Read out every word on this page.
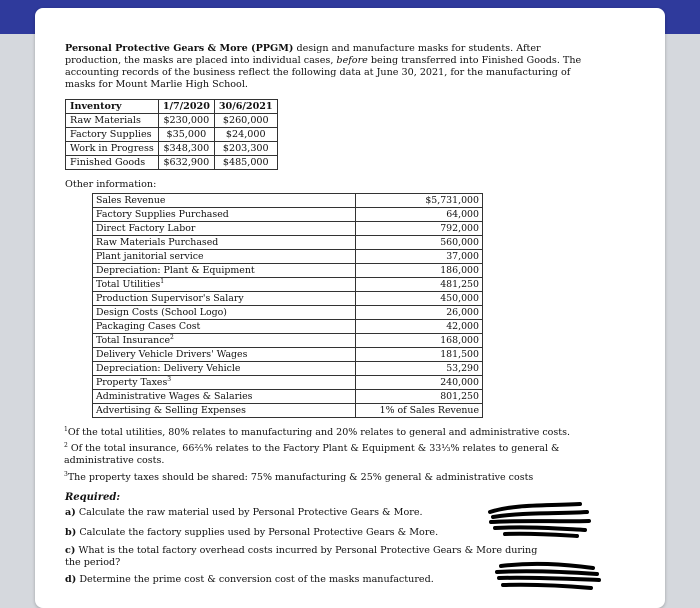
Personal Protective Gears & More (PPGM) design and manufacture masks for students. After production, the masks are placed into individual cases, before being transferred into Finished Goods. The accounting records of the business reflect the following data at June 30, 2021, for the manufacturing of masks for Mount Marlie High School.

Inventory	1/7/2020	30/6/2021
Raw Materials	$230,000	$260,000
Factory Supplies	$35,000	$24,000
Work in Progress	$348,300	$203,300
Finished Goods	$632,900	$485,000
Other information:
Sales Revenue	$5,731,000
Factory Supplies Purchased	64,000
Direct Factory Labor	792,000
Raw Materials Purchased	560,000
Plant janitorial service	37,000
Depreciation: Plant & Equipment	186,000
Total Utilities$^1$	481,250
Production Supervisor's Salary	450,000
Design Costs (School Logo)	26,000
Packaging Cases Cost	42,000
Total Insurance$^2$	168,000
Delivery Vehicle Drivers' Wages	181,500
Depreciation: Delivery Vehicle	53,290
Property Taxes$^3$	240,000
Administrative Wages & Salaries	801,250
Advertising & Selling Expenses	1% of Sales Revenue

$^1$Of the total utilities, 80% relates to manufacturing and 20% relates to general and administrative costs.

$^2$ Of the total insurance, 66⅔% relates to the Factory Plant & Equipment & 33⅓% relates to general & administrative costs.

$^3$The property taxes should be shared: 75% manufacturing & 25% general & administrative costs

Required:
a) Calculate the raw material used by Personal Protective Gears & More.
b) Calculate the factory supplies used by Personal Protective Gears & More.
c) What is the total factory overhead costs incurred by Personal Protective Gears & More during the period?
d) Determine the prime cost & conversion cost of the masks manufactured.
